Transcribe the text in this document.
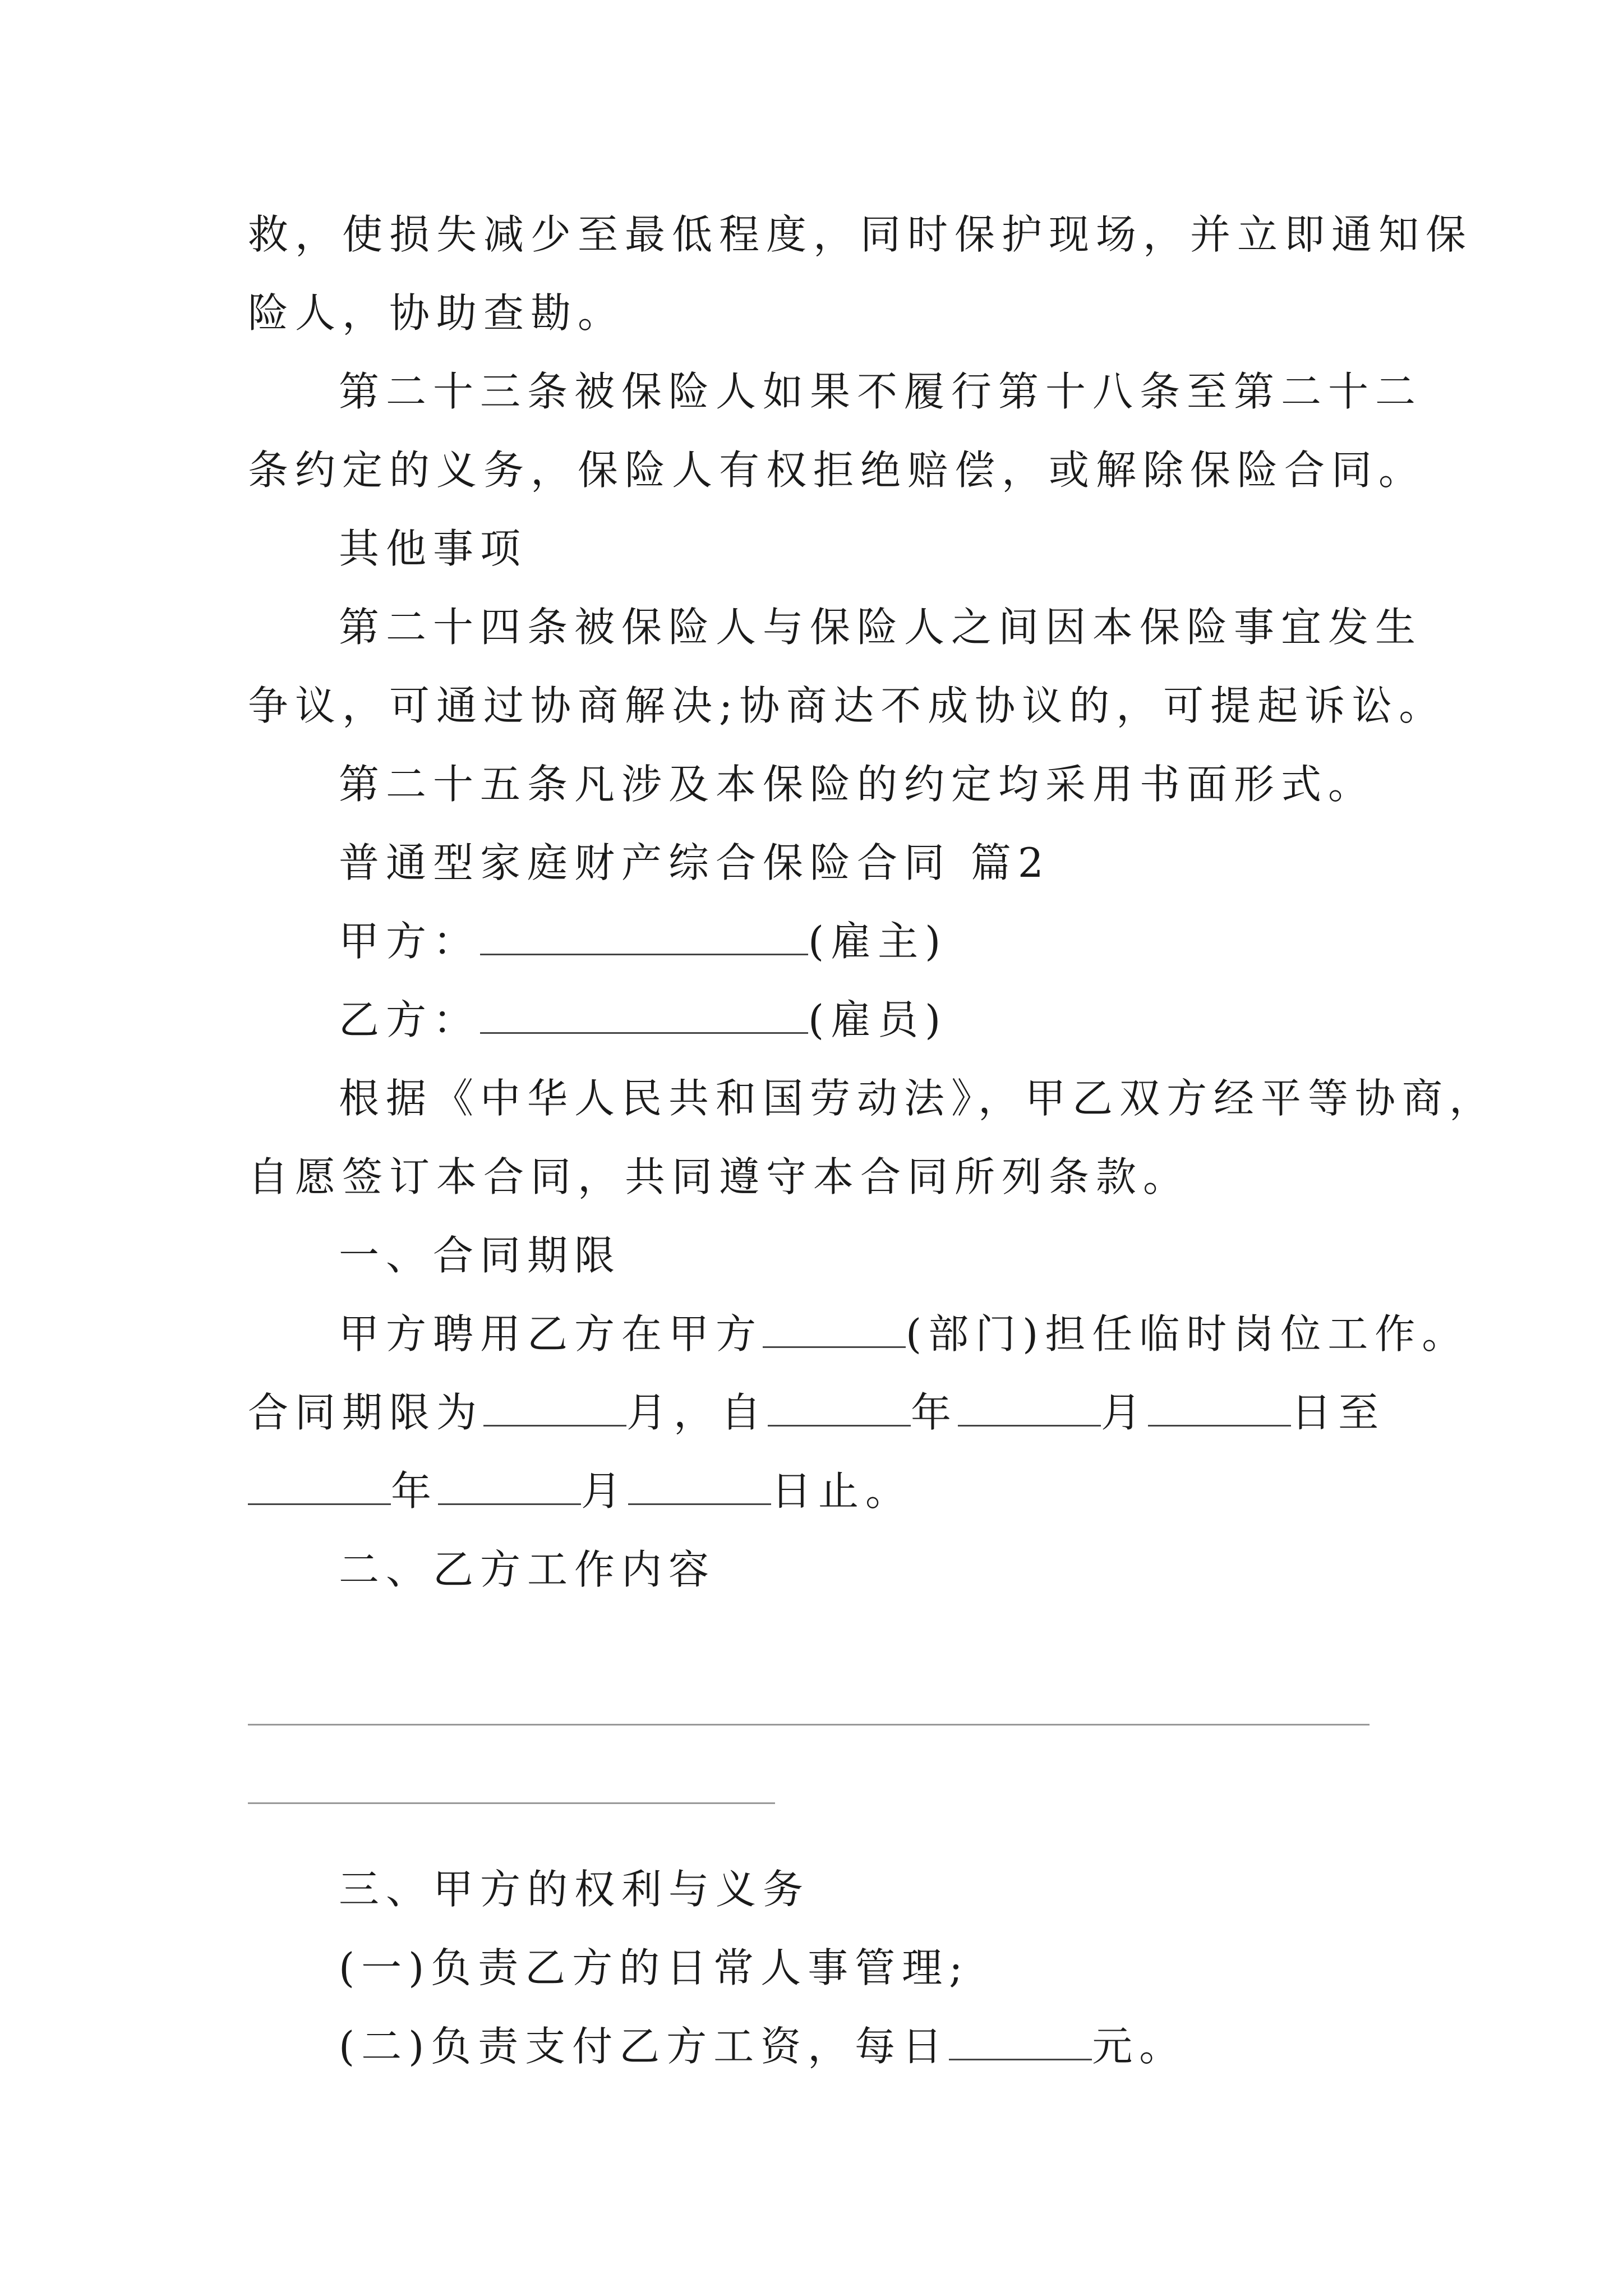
救，使损失减少至最低程度，同时保护现场，并立即通知保
险人，协助查勘。
第二十三条被保险人如果不履行第十八条至第二十二
条约定的义务，保险人有权拒绝赔偿，或解除保险合同。
其他事项
第二十四条被保险人与保险人之间因本保险事宜发生
争议，可通过协商解决;协商达不成协议的，可提起诉讼。
第二十五条凡涉及本保险的约定均采用书面形式。
普通型家庭财产综合保险合同 篇2
甲方：	(雇主)
乙方：	(雇员)
根据《中华人民共和国劳动法》，甲乙双方经平等协商，
自愿签订本合同，共同遵守本合同所列条款。
一、合同期限
甲方聘用乙方在甲方	(部门)担任临时岗位工作。
合同期限为	月，自	年	月	日至
年	月	日止。
二、乙方工作内容
三、甲方的权利与义务
(一)负责乙方的日常人事管理;
(二)负责支付乙方工资，每日	元。
